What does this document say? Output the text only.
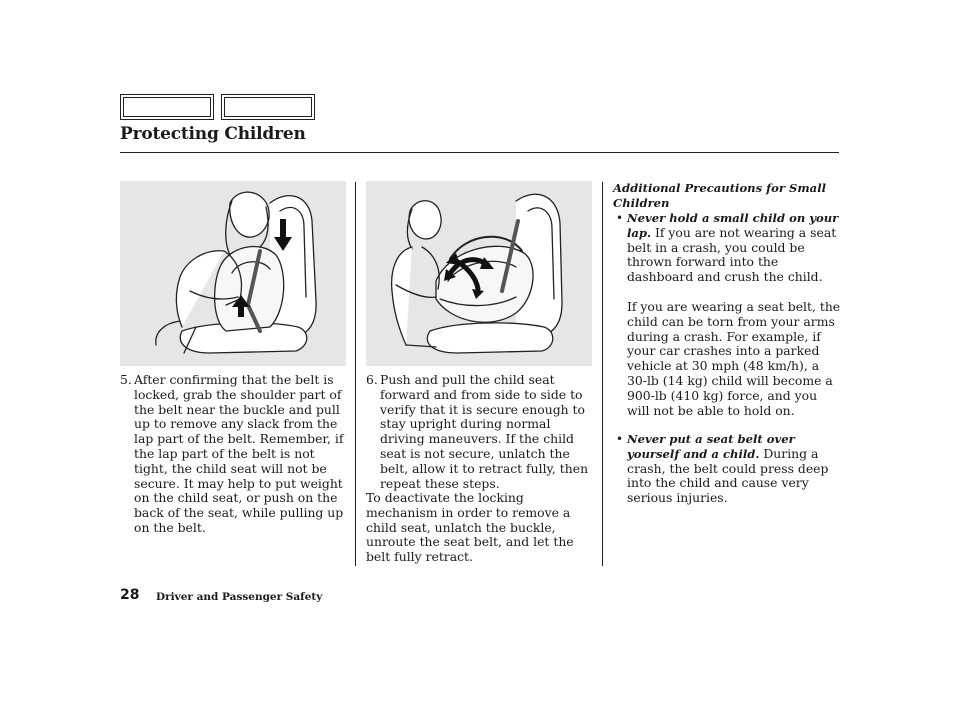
Protecting Children
5. After confirming that the belt is locked, grab the shoulder part of the belt near the buckle and pull up to remove any slack from the lap part of the belt. Remember, if the lap part of the belt is not tight, the child seat will not be secure. It may help to put weight on the child seat, or push on the back of the seat, while pulling up on the belt.
6. Push and pull the child seat forward and from side to side to verify that it is secure enough to stay upright during normal driving maneuvers. If the child seat is not secure, unlatch the belt, allow it to retract fully, then repeat these steps.
To deactivate the locking mechanism in order to remove a child seat, unlatch the buckle, unroute the seat belt, and let the belt fully retract.
Additional Precautions for Small Children
• Never hold a small child on your lap. If you are not wearing a seat belt in a crash, you could be thrown forward into the dashboard and crush the child.
If you are wearing a seat belt, the child can be torn from your arms during a crash. For example, if your car crashes into a parked vehicle at 30 mph (48 km/h), a 30-lb (14 kg) child will become a 900-lb (410 kg) force, and you will not be able to hold on.
• Never put a seat belt over yourself and a child. During a crash, the belt could press deep into the child and cause very serious injuries.
28 Driver and Passenger Safety
